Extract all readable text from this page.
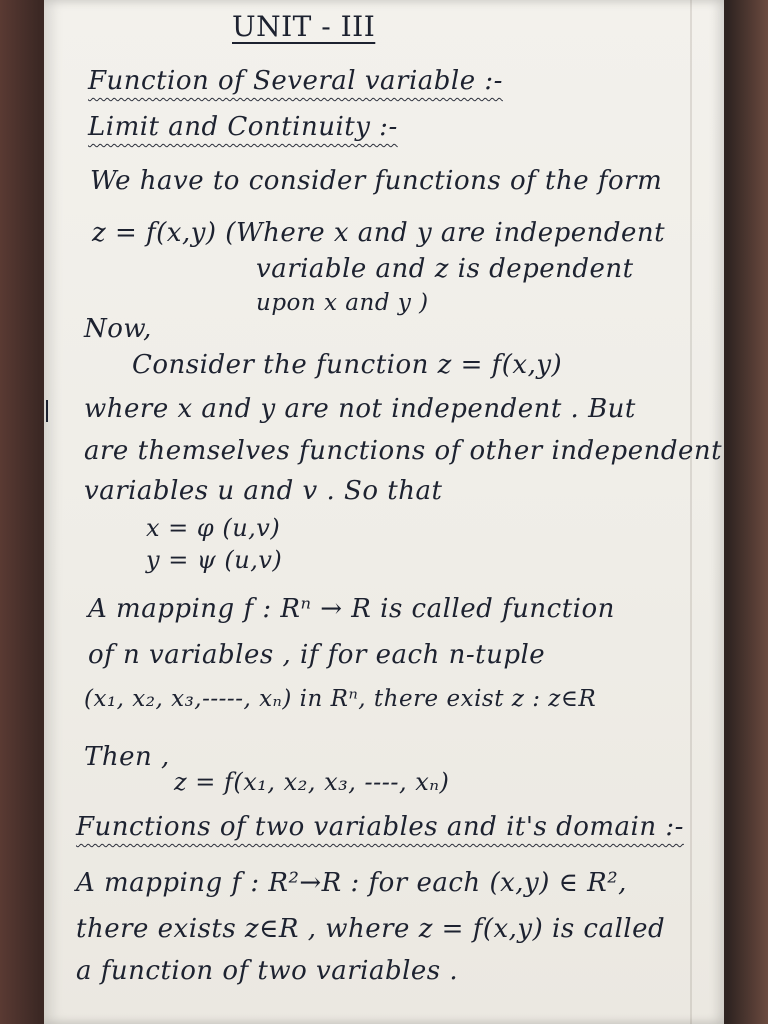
UNIT - III
Function of Several variable :-
Limit and Continuity :-
We have to consider functions of the form
z = f(x,y) (Where x and y are independent
variable and z is dependent
upon x and y )
Now,
Consider the function z = f(x,y)
where x and y are not independent . But
are themselves functions of other independent
variables u and v . So that
x = φ (u,v)
y = ψ (u,v)
A mapping f : Rⁿ → R is called function
of n variables , if for each n-tuple
(x₁, x₂, x₃,-----, xₙ) in Rⁿ, there exist z : z∈R
Then ,
z = f(x₁, x₂, x₃, ----, xₙ)
Functions of two variables and it's domain :-
A mapping f : R²→R : for each (x,y) ∈ R²,
there exists z∈R , where z = f(x,y) is called
a function of two variables .
